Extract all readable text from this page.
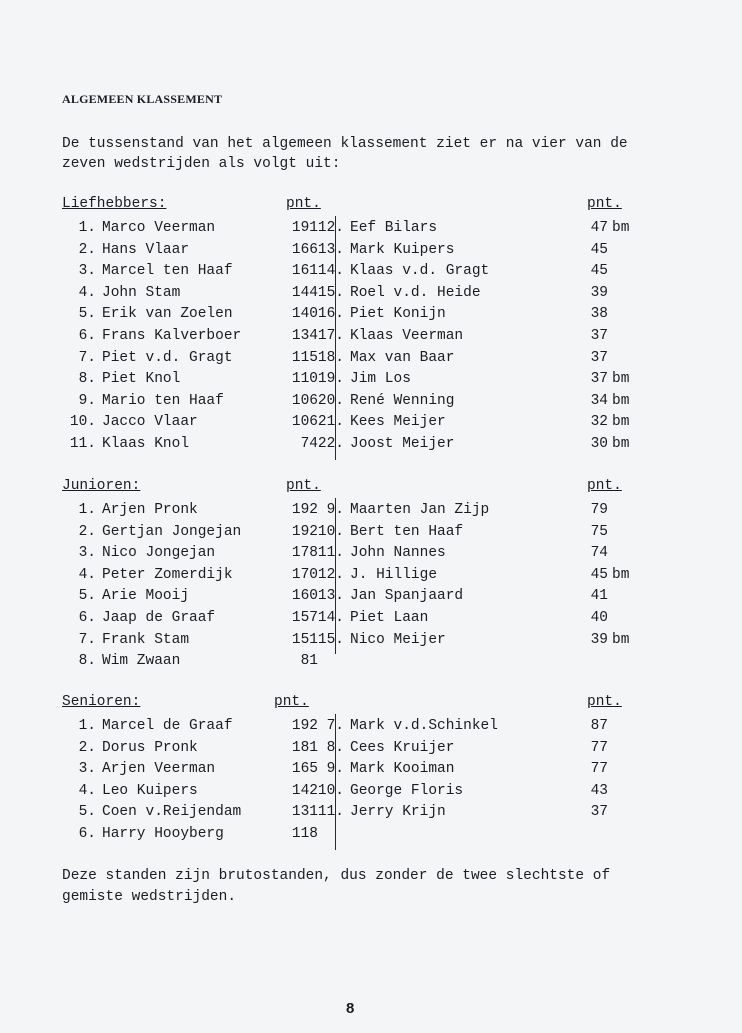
ALGEMEEN KLASSEMENT

De tussenstand van het algemeen klassement ziet er na vier van de zeven wedstrijden als volgt uit:

Liefhebbers:	pnt.	pnt.
1. Marco Veerman	191
2. Hans Vlaar	166
3. Marcel ten Haaf	161
4. John Stam	144
5. Erik van Zoelen	140
6. Frans Kalverboer	134
7. Piet v.d. Gragt	115
8. Piet Knol	110
9. Mario ten Haaf	106
10. Jacco Vlaar	106
11. Klaas Knol	74
12. Eef Bilars	47 bm
13. Mark Kuipers	45
14. Klaas v.d. Gragt	45
15. Roel v.d. Heide	39
16. Piet Konijn	38
17. Klaas Veerman	37
18. Max van Baar	37
19. Jim Los	37 bm
20. René Wenning	34 bm
21. Kees Meijer	32 bm
22. Joost Meijer	30 bm
Junioren:	pnt.	pnt.
1. Arjen Pronk	192
2. Gertjan Jongejan	192
3. Nico Jongejan	178
4. Peter Zomerdijk	170
5. Arie Mooij	160
6. Jaap de Graaf	157
7. Frank Stam	151
8. Wim Zwaan	81
9. Maarten Jan Zijp	79
10. Bert ten Haaf	75
11. John Nannes	74
12. J. Hillige	45 bm
13. Jan Spanjaard	41
14. Piet Laan	40
15. Nico Meijer	39 bm
Senioren:	pnt.	pnt.
1. Marcel de Graaf	192
2. Dorus Pronk	181
3. Arjen Veerman	165
4. Leo Kuipers	142
5. Coen v.Reijendam	131
6. Harry Hooyberg	118
7. Mark v.d.Schinkel	87
8. Cees Kruijer	77
9. Mark Kooiman	77
10. George Floris	43
11. Jerry Krijn	37

Deze standen zijn brutostanden, dus zonder de twee slechtste of gemiste wedstrijden.

8
